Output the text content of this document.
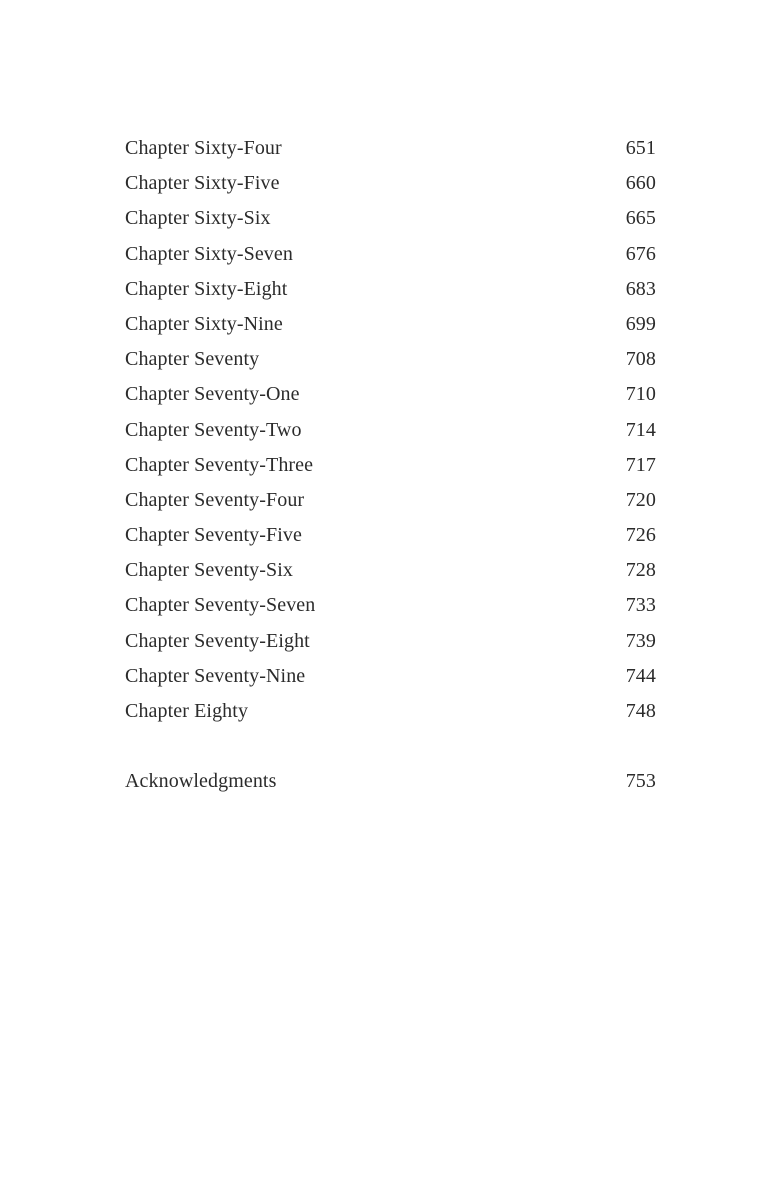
Chapter Sixty-Four	651
Chapter Sixty-Five	660
Chapter Sixty-Six	665
Chapter Sixty-Seven	676
Chapter Sixty-Eight	683
Chapter Sixty-Nine	699
Chapter Seventy	708
Chapter Seventy-One	710
Chapter Seventy-Two	714
Chapter Seventy-Three	717
Chapter Seventy-Four	720
Chapter Seventy-Five	726
Chapter Seventy-Six	728
Chapter Seventy-Seven	733
Chapter Seventy-Eight	739
Chapter Seventy-Nine	744
Chapter Eighty	748
Acknowledgments	753
